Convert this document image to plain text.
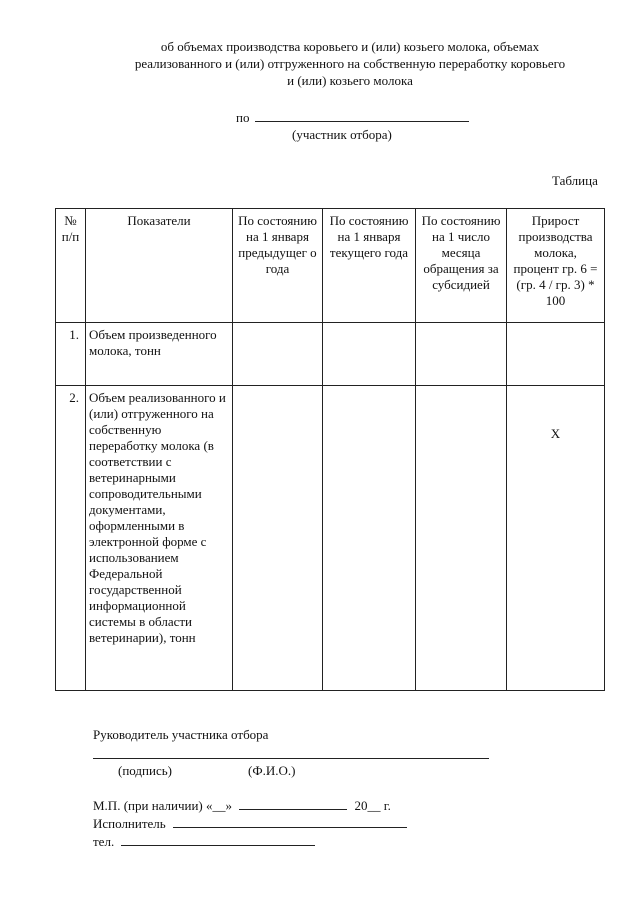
об объемах производства коровьего и (или) козьего молока, объемах
реализованного и (или) отгруженного на собственную переработку коровьего
и (или) козьего молока
по
(участник отбора)
Таблица
№ п/п	Показатели	По состоянию на 1 января предыдущег о года	По состоянию на 1 января текущего года	По состоянию на 1 число месяца обращения за субсидией	Прирост производства молока, процент гр. 6 = (гр. 4 / гр. 3) * 100
1.	Объем произведенного молока, тонн				
2.	Объем реализованного и (или) отгруженного на собственную переработку молока (в соответствии с ветеринарными сопроводительными документами, оформленными в электронной форме с использованием Федеральной государственной информационной системы в области ветеринарии), тонн				X
Руководитель участника отбора
(подпись)	(Ф.И.О.)
М.П. (при наличии) «__»	20__ г.
Исполнитель
тел.
